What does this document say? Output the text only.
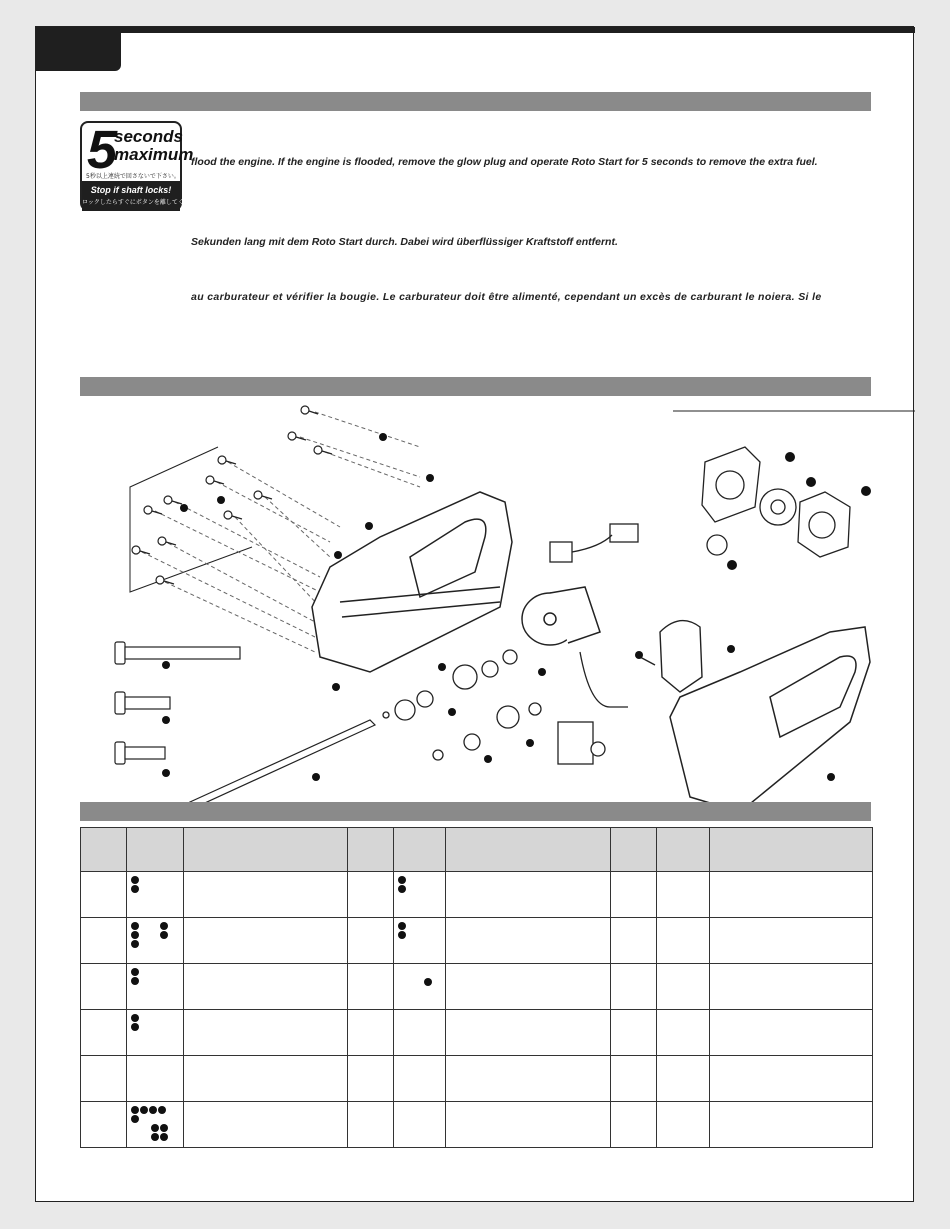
5
seconds
maximum
5秒以上連続で回さないで下さい。
Stop if shaft locks!
ロックしたらすぐにボタンを離してください
flood the engine. If the engine is flooded, remove the glow plug and operate Roto Start for 5 seconds to remove the extra fuel.
Sekunden lang mit dem Roto Start durch. Dabei wird überflüssiger Kraftstoff entfernt.
au carburateur et vérifier la bougie. Le carburateur doit être alimenté, cependant un excès de carburant le noiera. Si le
